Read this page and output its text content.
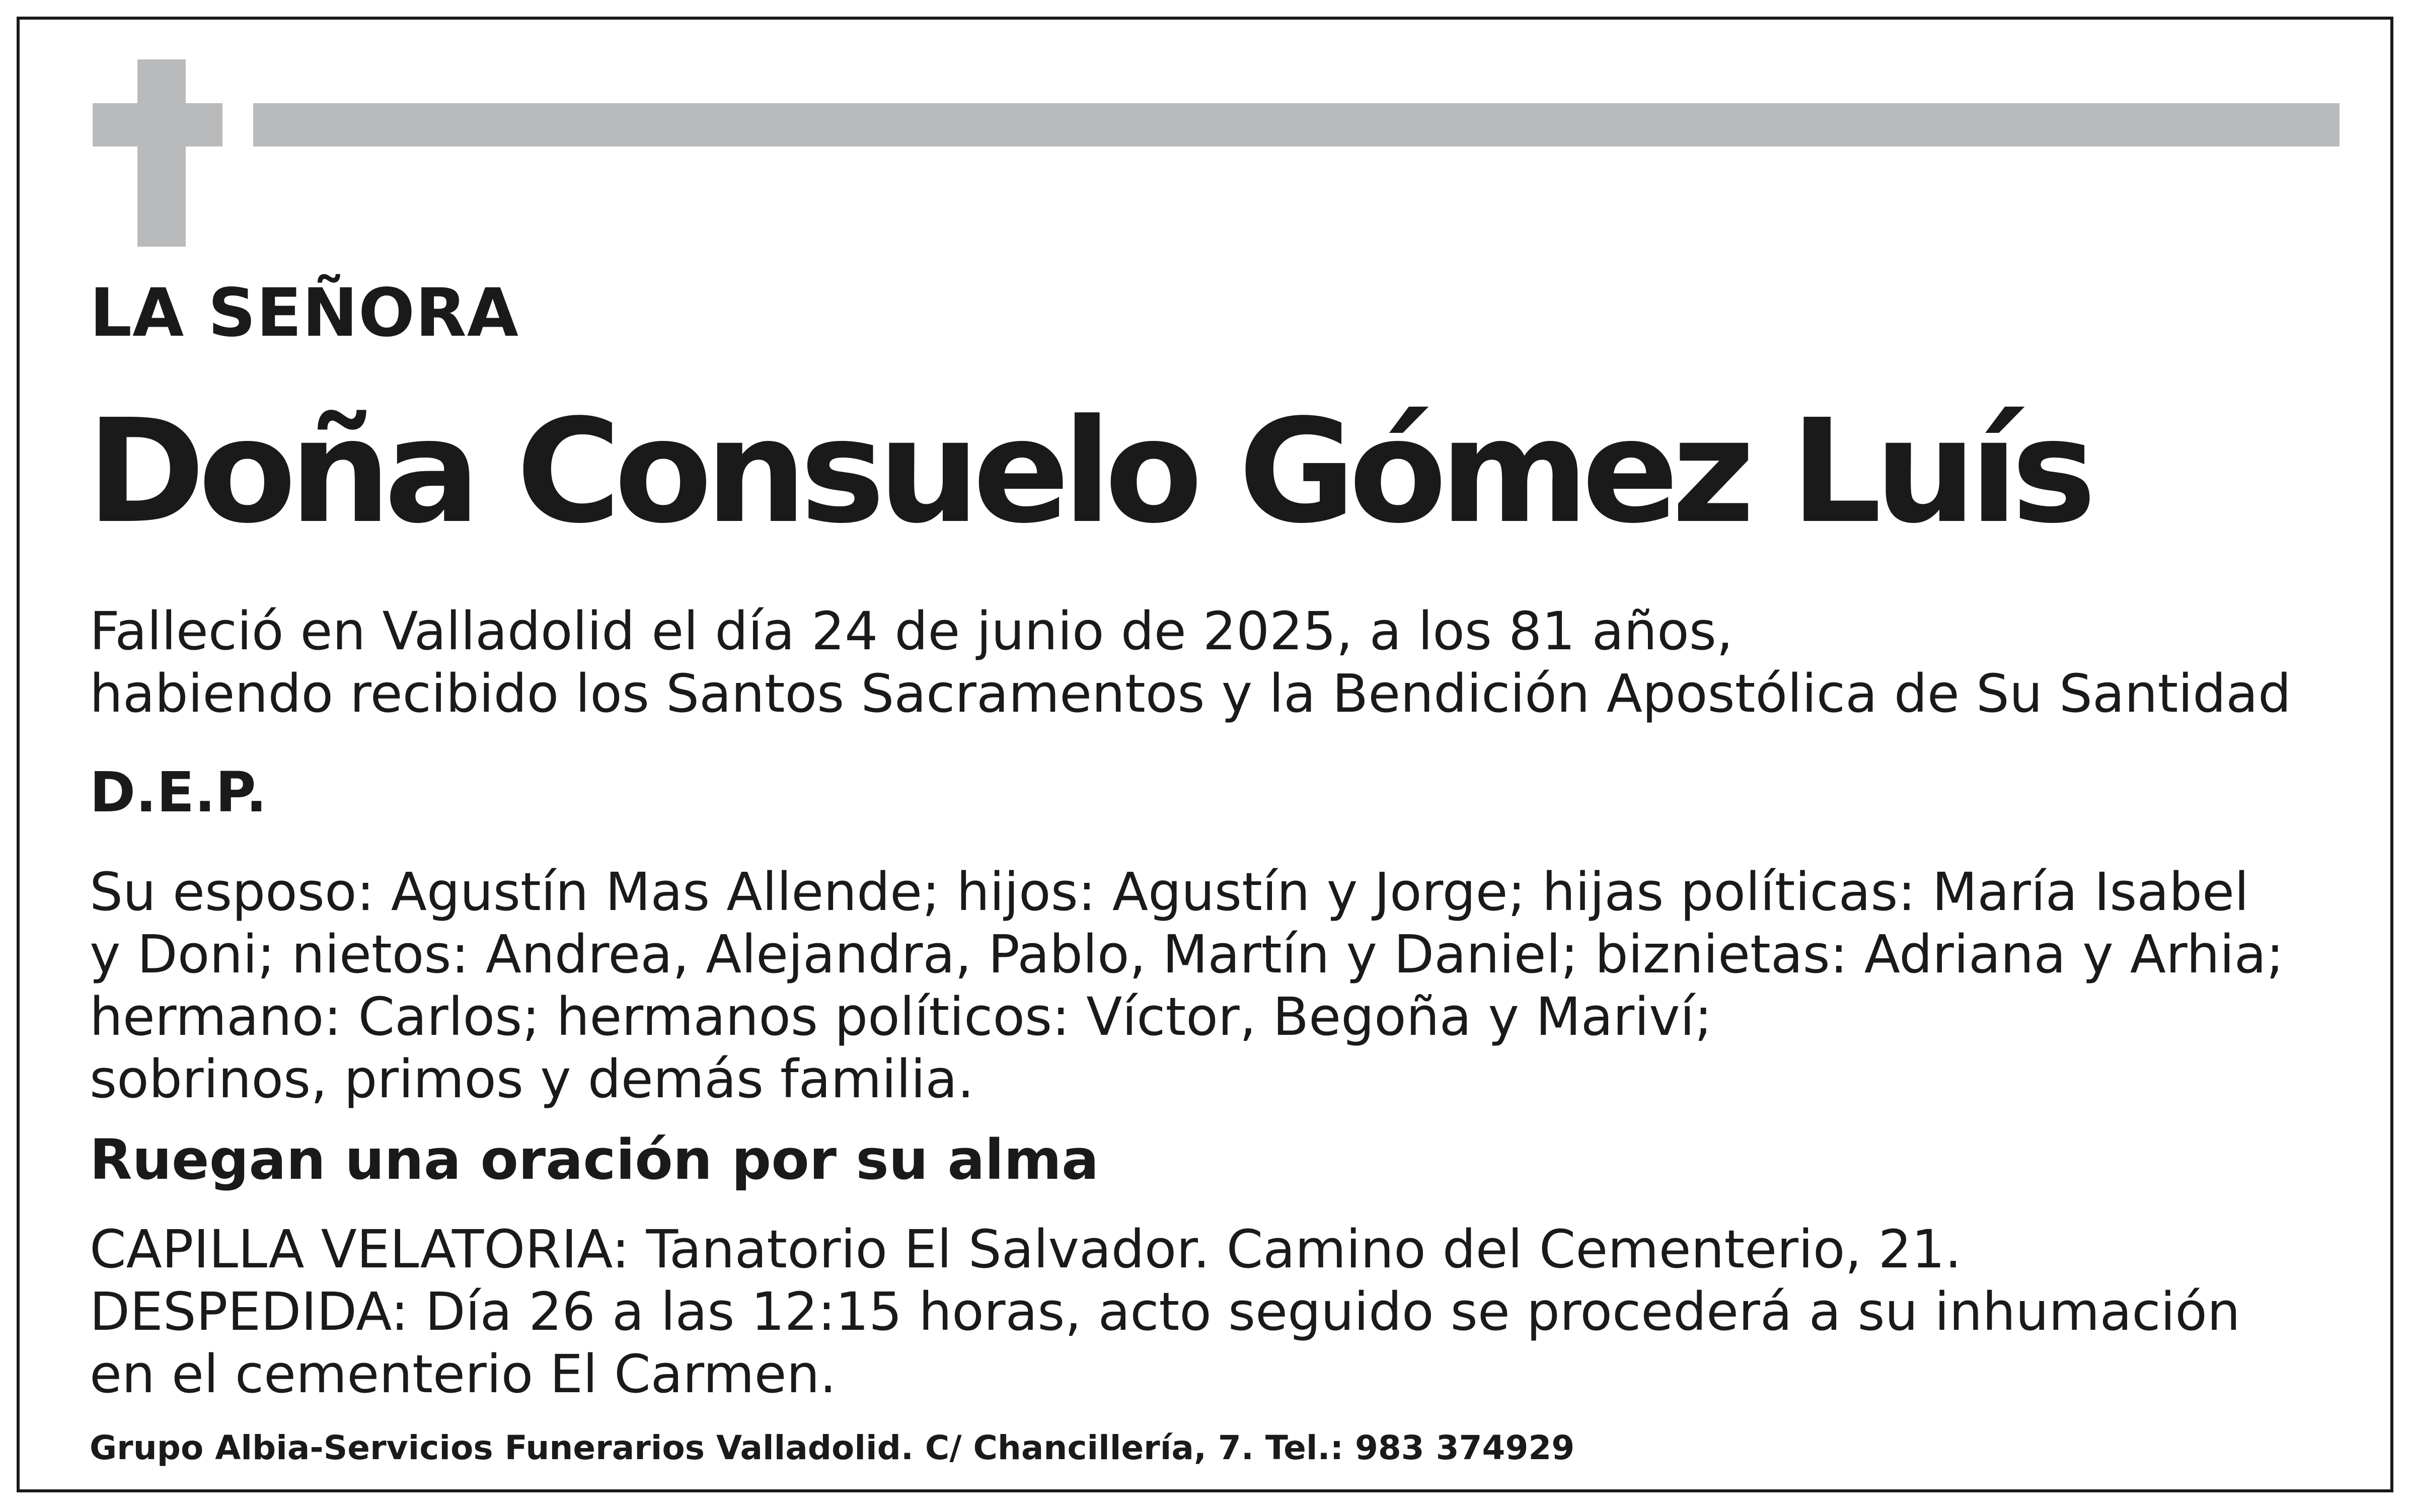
LA SEÑORA
Doña Consuelo Gómez Luís
Falleció en Valladolid el día 24 de junio de 2025, a los 81 años,
habiendo recibido los Santos Sacramentos y la Bendición Apostólica de Su Santidad
D.E.P.
Su esposo: Agustín Mas Allende; hijos: Agustín y Jorge; hijas políticas: María Isabel
y Doni; nietos: Andrea, Alejandra, Pablo, Martín y Daniel; biznietas: Adriana y Arhia;
hermano: Carlos; hermanos políticos: Víctor, Begoña y Mariví;
sobrinos, primos y demás familia.
Ruegan una oración por su alma
CAPILLA VELATORIA: Tanatorio El Salvador. Camino del Cementerio, 21.
DESPEDIDA: Día 26 a las 12:15 horas, acto seguido se procederá a su inhumación
en el cementerio El Carmen.
Grupo Albia-Servicios Funerarios Valladolid. C/ Chancillería, 7. Tel.: 983 374929
